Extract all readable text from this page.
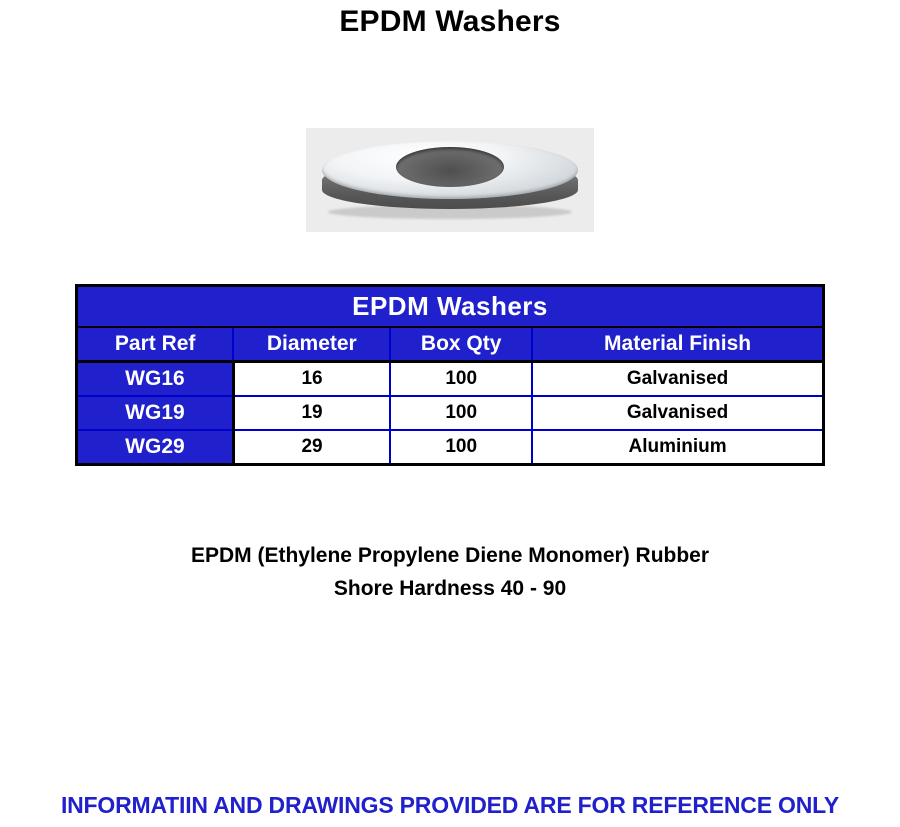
EPDM Washers
EPDM Washers			
Part Ref	Diameter	Box Qty	Material Finish
WG16	16	100	Galvanised
WG19	19	100	Galvanised
WG29	29	100	Aluminium
EPDM (Ethylene Propylene Diene Monomer) Rubber
Shore Hardness 40 - 90
INFORMATIIN AND DRAWINGS PROVIDED ARE FOR REFERENCE ONLY
